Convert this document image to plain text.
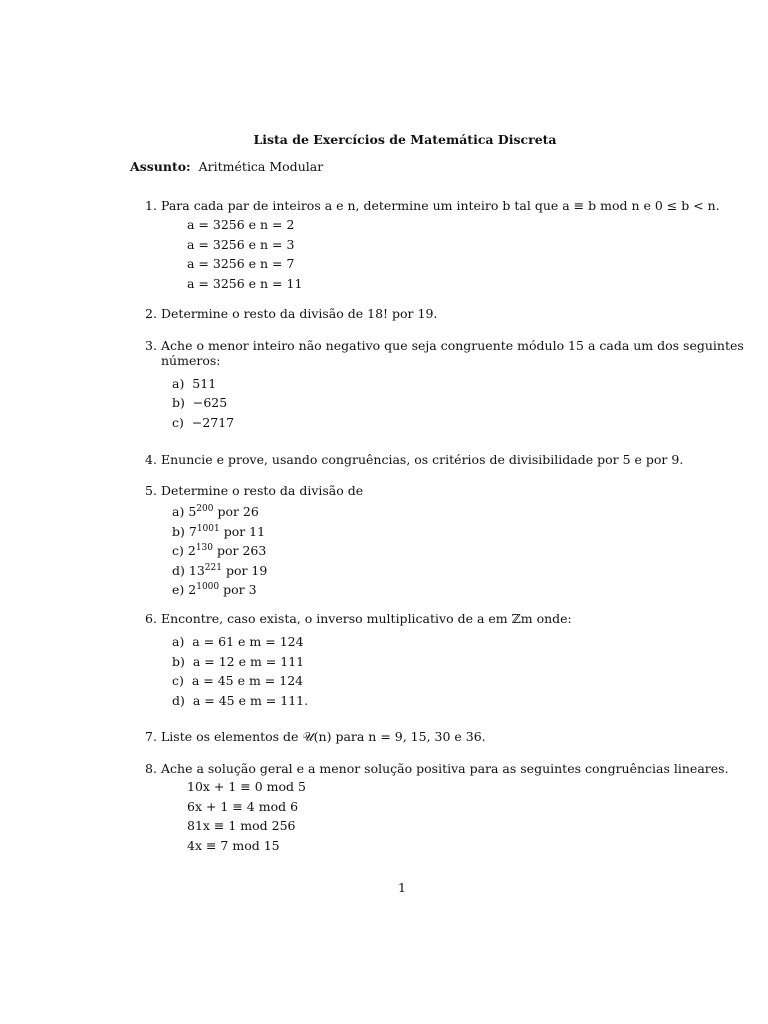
Lista de Exercícios de Matemática Discreta
Assunto: Aritmética Modular
1. Para cada par de inteiros a e n, determine um inteiro b tal que a ≡ b mod n e 0 ≤ b < n.
a = 3256 e n = 2
a = 3256 e n = 3
a = 3256 e n = 7
a = 3256 e n = 11
2. Determine o resto da divisão de 18! por 19.
3. Ache o menor inteiro não negativo que seja congruente módulo 15 a cada um dos seguintes
números:
a) 511
b) −625
c) −2717
4. Enuncie e prove, usando congruências, os critérios de divisibilidade por 5 e por 9.
5. Determine o resto da divisão de
a) $5^{200}$ por 26
b) $7^{1001}$ por 11
c) $2^{130}$ por 263
d) $13^{221}$ por 19
e) $2^{1000}$ por 3
6. Encontre, caso exista, o inverso multiplicativo de a em ℤm onde:
a) a = 61 e m = 124
b) a = 12 e m = 111
c) a = 45 e m = 124
d) a = 45 e m = 111.
7. Liste os elementos de 𝒰(n) para n = 9, 15, 30 e 36.
8. Ache a solução geral e a menor solução positiva para as seguintes congruências lineares.
10x + 1 ≡ 0 mod 5
6x + 1 ≡ 4 mod 6
81x ≡ 1 mod 256
4x ≡ 7 mod 15
1
